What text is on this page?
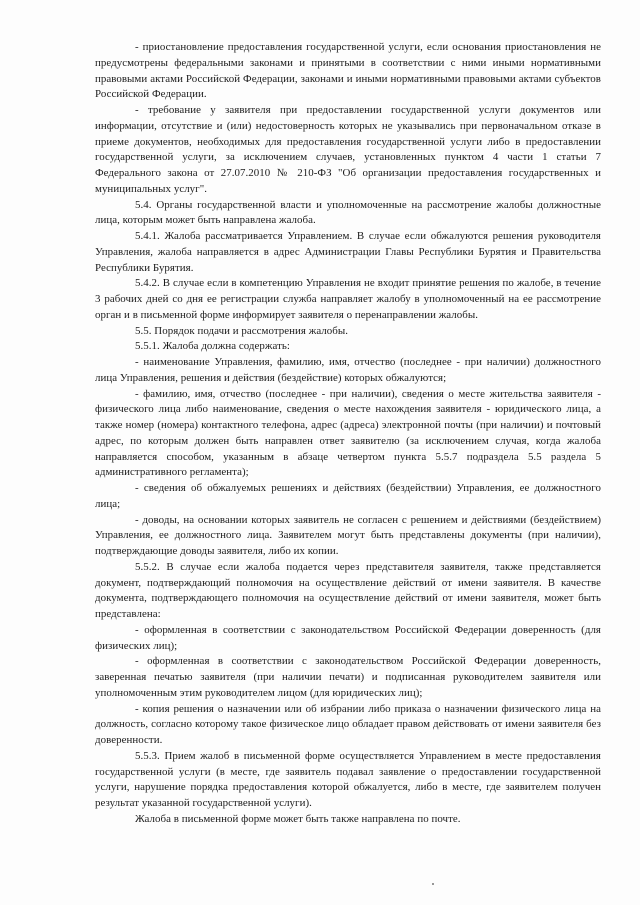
- приостановление предоставления государственной услуги, если основания приостановления не предусмотрены федеральными законами и принятыми в соответствии с ними иными нормативными правовыми актами Российской Федерации, законами и иными нормативными правовыми актами субъектов Российской Федерации.

- требование у заявителя при предоставлении государственной услуги документов или информации, отсутствие и (или) недостоверность которых не указывались при первоначальном отказе в приеме документов, необходимых для предоставления государственной услуги либо в предоставлении государственной услуги, за исключением случаев, установленных пунктом 4 части 1 статьи 7 Федерального закона от 27.07.2010 № 210-ФЗ "Об организации предоставления государственных и муниципальных услуг".

5.4. Органы государственной власти и уполномоченные на рассмотрение жалобы должностные лица, которым может быть направлена жалоба.

5.4.1. Жалоба рассматривается Управлением. В случае если обжалуются решения руководителя Управления, жалоба направляется в адрес Администрации Главы Республики Бурятия и Правительства Республики Бурятия.

5.4.2. В случае если в компетенцию Управления не входит принятие решения по жалобе, в течение 3 рабочих дней со дня ее регистрации служба направляет жалобу в уполномоченный на ее рассмотрение орган и в письменной форме информирует заявителя о перенаправлении жалобы.

5.5. Порядок подачи и рассмотрения жалобы.

5.5.1. Жалоба должна содержать:

- наименование Управления, фамилию, имя, отчество (последнее - при наличии) должностного лица Управления, решения и действия (бездействие) которых обжалуются;

- фамилию, имя, отчество (последнее - при наличии), сведения о месте жительства заявителя - физического лица либо наименование, сведения о месте нахождения заявителя - юридического лица, а также номер (номера) контактного телефона, адрес (адреса) электронной почты (при наличии) и почтовый адрес, по которым должен быть направлен ответ заявителю (за исключением случая, когда жалоба направляется способом, указанным в абзаце четвертом пункта 5.5.7 подраздела 5.5 раздела 5 административного регламента);

- сведения об обжалуемых решениях и действиях (бездействии) Управления, ее должностного лица;

- доводы, на основании которых заявитель не согласен с решением и действиями (бездействием) Управления, ее должностного лица. Заявителем могут быть представлены документы (при наличии), подтверждающие доводы заявителя, либо их копии.

5.5.2. В случае если жалоба подается через представителя заявителя, также представляется документ, подтверждающий полномочия на осуществление действий от имени заявителя. В качестве документа, подтверждающего полномочия на осуществление действий от имени заявителя, может быть представлена:

- оформленная в соответствии с законодательством Российской Федерации доверенность (для физических лиц);

- оформленная в соответствии с законодательством Российской Федерации доверенность, заверенная печатью заявителя (при наличии печати) и подписанная руководителем заявителя или уполномоченным этим руководителем лицом (для юридических лиц);

- копия решения о назначении или об избрании либо приказа о назначении физического лица на должность, согласно которому такое физическое лицо обладает правом действовать от имени заявителя без доверенности.

5.5.3. Прием жалоб в письменной форме осуществляется Управлением в месте предоставления государственной услуги (в месте, где заявитель подавал заявление о предоставлении государственной услуги, нарушение порядка предоставления которой обжалуется, либо в месте, где заявителем получен результат указанной государственной услуги).

Жалоба в письменной форме может быть также направлена по почте.
